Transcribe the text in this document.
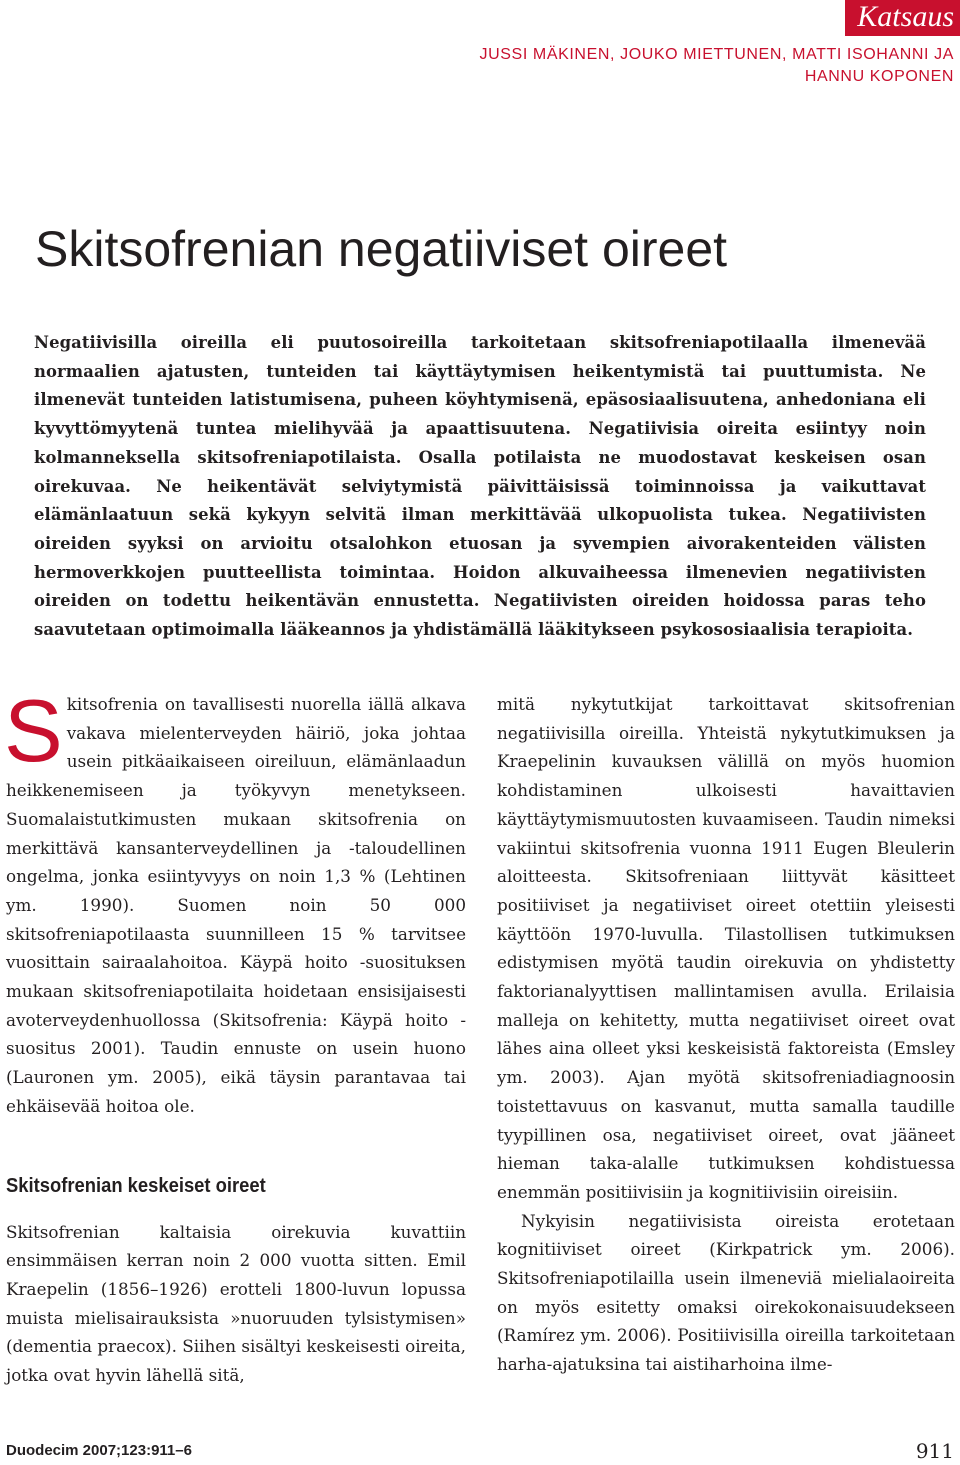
Katsaus
JUSSI MÄKINEN, JOUKO MIETTUNEN, MATTI ISOHANNI JA
HANNU KOPONEN
Skitsofrenian negatiiviset oireet

Negatiivisilla oireilla eli puutosoireilla tarkoitetaan skitsofreniapotilaalla ilmenevää normaalien ajatusten, tunteiden tai käyttäytymisen heikentymistä tai puuttumista. Ne ilmenevät tunteiden latistumisena, puheen köyhtymisenä, epäsosiaalisuutena, anhedoniana eli kyvyttömyytenä tuntea mielihyvää ja apaattisuutena. Negatiivisia oireita esiintyy noin kolmanneksella skitsofreniapotilaista. Osalla potilaista ne muodostavat keskeisen osan oirekuvaa. Ne heikentävät selviytymistä päivittäisissä toiminnoissa ja vaikuttavat elämänlaatuun sekä kykyyn selvitä ilman merkittävää ulkopuolista tukea. Negatiivisten oireiden syyksi on arvioitu otsalohkon etuosan ja syvempien aivorakenteiden välisten hermoverkkojen puutteellista toimintaa. Hoidon alkuvaiheessa ilmenevien negatiivisten oireiden on todettu heikentävän ennustetta. Negatiivisten oireiden hoidossa paras teho saavutetaan optimoimalla lääkeannos ja yhdistämällä lääkitykseen psykososiaalisia terapioita.

Skitsofrenia on tavallisesti nuorella iällä alkava vakava mielenterveyden häiriö, joka johtaa usein pitkäaikaiseen oireiluun, elämänlaadun heikkenemiseen ja työkyvyn menetykseen. Suomalaistutkimusten mukaan skitsofrenia on merkittävä kansanterveydellinen ja -taloudellinen ongelma, jonka esiintyvyys on noin 1,3 % (Lehtinen ym. 1990). Suomen noin 50 000 skitsofreniapotilaasta suunnilleen 15 % tarvitsee vuosittain sairaalahoitoa. Käypä hoito -suosituksen mukaan skitsofreniapotilaita hoidetaan ensisijaisesti avoterveydenhuollossa (Skitsofrenia: Käypä hoito -suositus 2001). Taudin ennuste on usein huono (Lauronen ym. 2005), eikä täysin parantavaa tai ehkäisevää hoitoa ole.

Skitsofrenian keskeiset oireet

Skitsofrenian kaltaisia oirekuvia kuvattiin ensimmäisen kerran noin 2 000 vuotta sitten. Emil Kraepelin (1856–1926) erotteli 1800-luvun lopussa muista mielisairauksista »nuoruuden tylsistymisen» (dementia praecox). Siihen sisältyi keskeisesti oireita, jotka ovat hyvin lähellä sitä,

mitä nykytutkijat tarkoittavat skitsofrenian negatiivisilla oireilla. Yhteistä nykytutkimuksen ja Kraepelinin kuvauksen välillä on myös huomion kohdistaminen ulkoisesti havaittavien käyttäytymismuutosten kuvaamiseen. Taudin nimeksi vakiintui skitsofrenia vuonna 1911 Eugen Bleulerin aloitteesta. Skitsofreniaan liittyvät käsitteet positiiviset ja negatiiviset oireet otettiin yleisesti käyttöön 1970-luvulla. Tilastollisen tutkimuksen edistymisen myötä taudin oirekuvia on yhdistetty faktorianalyyttisen mallintamisen avulla. Erilaisia malleja on kehitetty, mutta negatiiviset oireet ovat lähes aina olleet yksi keskeisistä faktoreista (Emsley ym. 2003). Ajan myötä skitsofreniadiagnoosin toistettavuus on kasvanut, mutta samalla taudille tyypillinen osa, negatiiviset oireet, ovat jääneet hieman taka-alalle tutkimuksen kohdistuessa enemmän positiivisiin ja kognitiivisiin oireisiin.

Nykyisin negatiivisista oireista erotetaan kognitiiviset oireet (Kirkpatrick ym. 2006). Skitsofreniapotilailla usein ilmeneviä mielialaoireita on myös esitetty omaksi oirekokonaisuudekseen (Ramírez ym. 2006). Positiivisilla oireilla tarkoitetaan harha-ajatuksina tai aistiharhoina ilme-

Duodecim 2007;123:911–6	911
